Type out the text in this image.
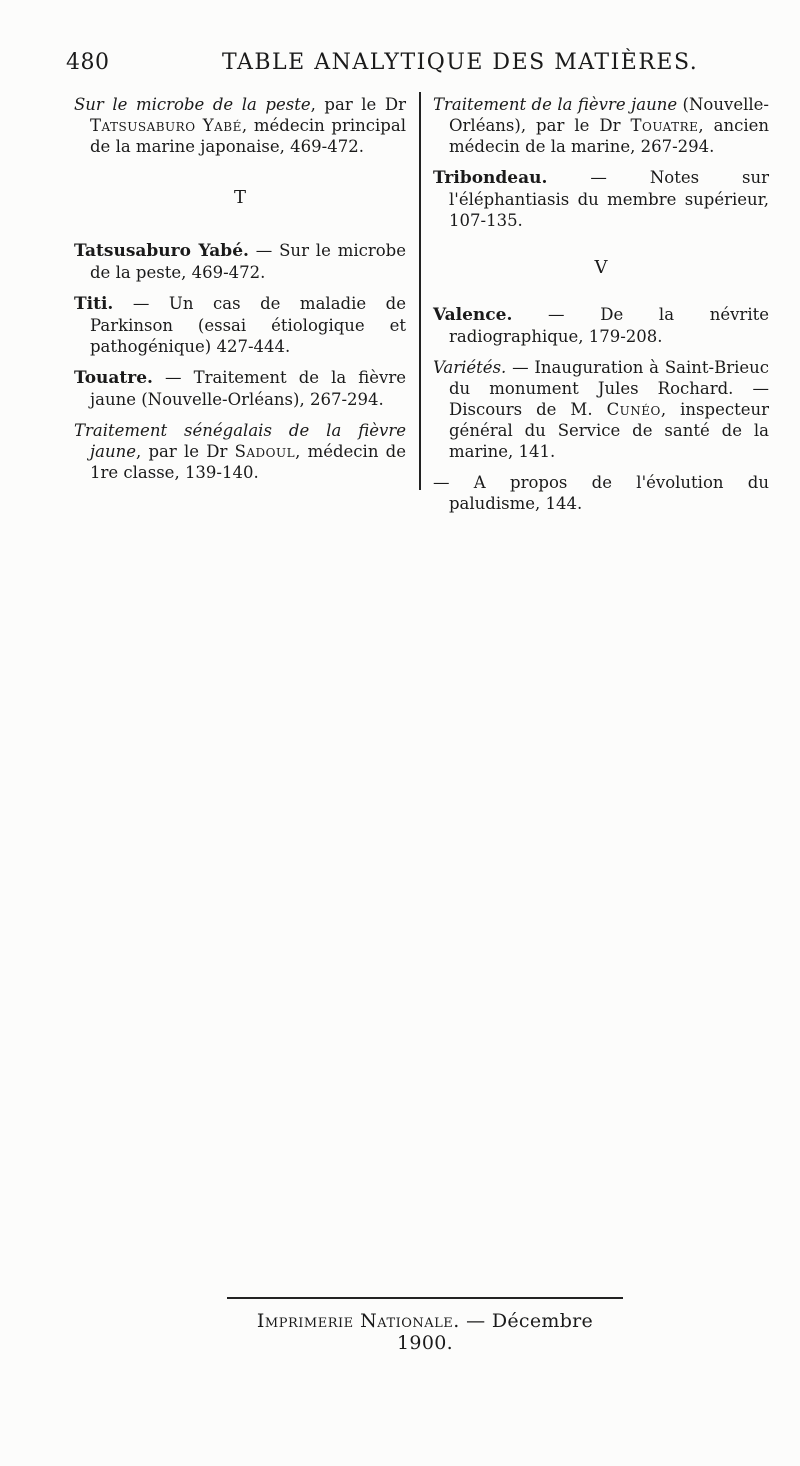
480	TABLE ANALYTIQUE DES MATIÈRES.

Sur le microbe de la peste, par le Dr Tatsusaburo Yabé, médecin principal de la marine japonaise, 469-472.

T

Tatsusaburo Yabé. — Sur le microbe de la peste, 469-472.

Titi. — Un cas de maladie de Parkinson (essai étiologique et pathogénique) 427-444.

Touatre. — Traitement de la fièvre jaune (Nouvelle-Orléans), 267-294.

Traitement sénégalais de la fièvre jaune, par le Dr Sadoul, médecin de 1re classe, 139-140.

Traitement de la fièvre jaune (Nouvelle-Orléans), par le Dr Touatre, ancien médecin de la marine, 267-294.

Tribondeau. — Notes sur l'éléphantiasis du membre supérieur, 107-135.

V

Valence. — De la névrite radiographique, 179-208.

Variétés. — Inauguration à Saint-Brieuc du monument Jules Rochard. — Discours de M. Cunéo, inspecteur général du Service de santé de la marine, 141.

— A propos de l'évolution du paludisme, 144.

Imprimerie Nationale. — Décembre 1900.
